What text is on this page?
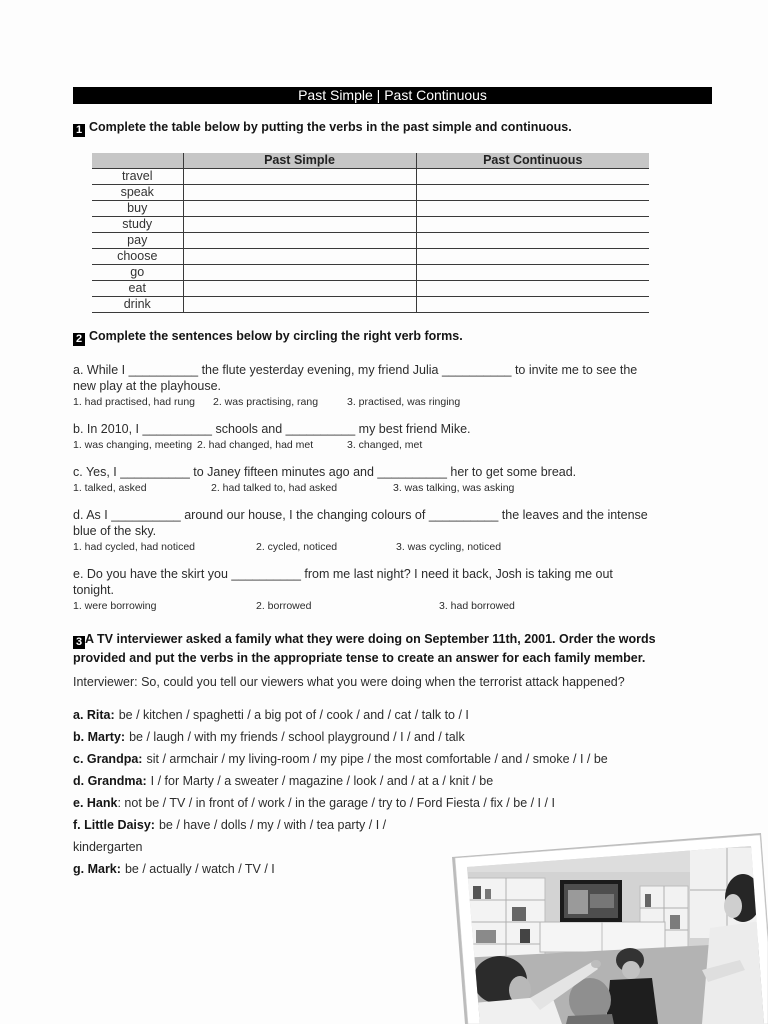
Past Simple | Past Continuous
1 Complete the table below by putting the verbs in the past simple and continuous.
	Past Simple	Past Continuous
travel		
speak		
buy		
study		
pay		
choose		
go		
eat		
drink		
2 Complete the sentences below by circling the right verb forms.
a. While I __________ the flute yesterday evening, my friend Julia __________ to invite me to see the
new play at the playhouse.
1. had practised, had rung 2. was practising, rang	3. practised, was ringing
b. In 2010, I __________ schools and __________ my best friend Mike.
1. was changing, meeting 2. had changed, had met	3. changed, met
c. Yes, I __________ to Janey fifteen minutes ago and __________ her to get some bread.
1. talked, asked	2. had talked to, had asked	3. was talking, was asking
d. As I __________ around our house, I the changing colours of __________ the leaves and the intense
blue of the sky.
1. had cycled, had noticed	2. cycled, noticed	3. was cycling, noticed
e. Do you have the skirt you __________ from me last night? I need it back, Josh is taking me out
tonight.
1. were borrowing	2. borrowed	3. had borrowed
3 A TV interviewer asked a family what they were doing on September 11th, 2001. Order the words
provided and put the verbs in the appropriate tense to create an answer for each family member.
Interviewer: So, could you tell our viewers what you were doing when the terrorist attack happened?
a. Rita: be / kitchen / spaghetti / a big pot of / cook / and / cat / talk to / I
b. Marty: be / laugh / with my friends / school playground / I / and / talk
c. Grandpa: sit / armchair / my living-room / my pipe / the most comfortable / and / smoke / I / be
d. Grandma: I / for Marty / a sweater / magazine / look / and / at a / knit / be
e. Hank: not be / TV / in front of / work / in the garage / try to / Ford Fiesta / fix / be / I / I
f. Little Daisy: be / have / dolls / my / with / tea party / I /
kindergarten
g. Mark: be / actually / watch / TV / I
